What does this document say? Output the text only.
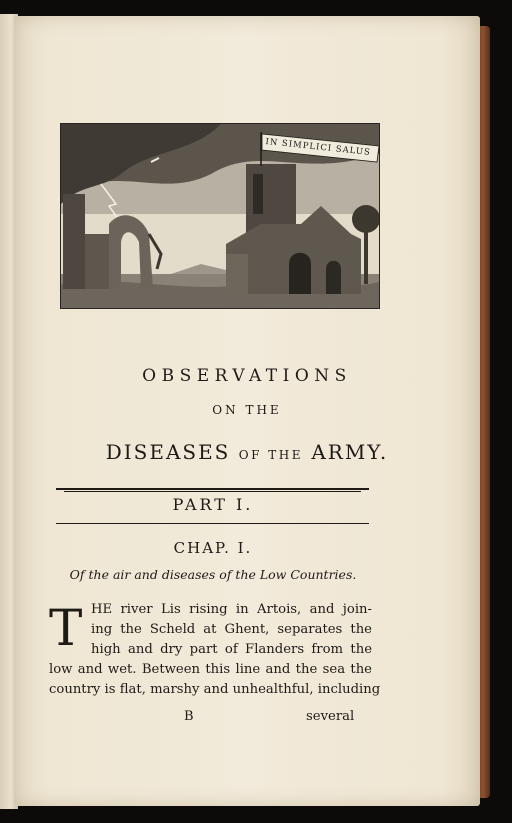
IN SIMPLICI SALUS
OBSERVATIONS
ON THE
DISEASES OF THE ARMY.
PART I.
CHAP. I.
Of the air and diseases of the Low Countries.
T HE river Lis rising in Artois, and join-
ing the Scheld at Ghent, separates the
high and dry part of Flanders from the
low and wet. Between this line and the sea the
country is flat, marshy and unhealthful, including
B	several
